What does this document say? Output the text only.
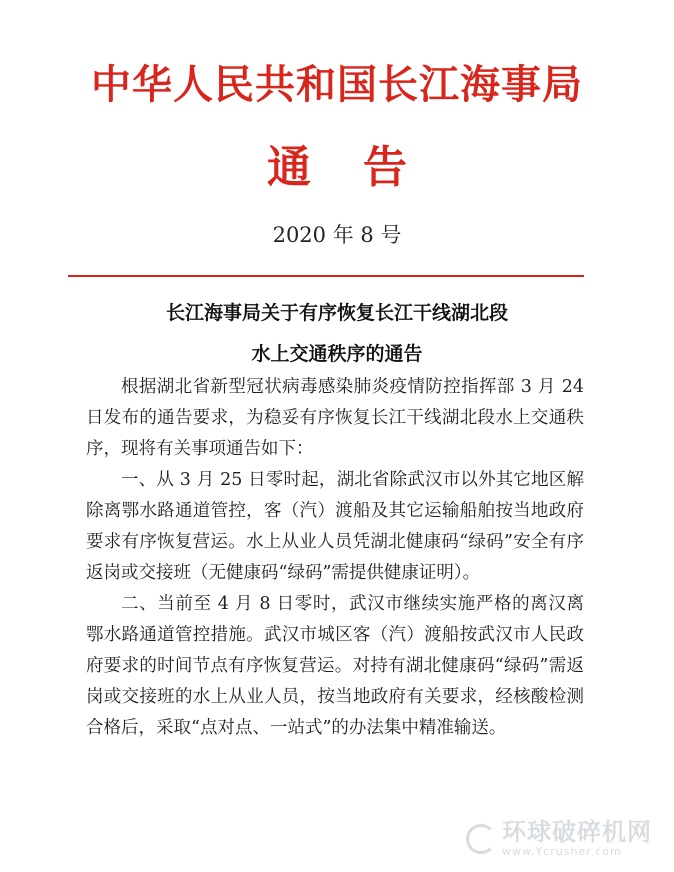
中华人民共和国长江海事局
通告
2020 年 8 号
长江海事局关于有序恢复长江干线湖北段
水上交通秩序的通告

根据湖北省新型冠状病毒感染肺炎疫情防控指挥部 3 月 24 日发布的通告要求，为稳妥有序恢复长江干线湖北段水上交通秩序，现将有关事项通告如下：

一、从 3 月 25 日零时起，湖北省除武汉市以外其它地区解除离鄂水路通道管控，客（汽）渡船及其它运输船舶按当地政府要求有序恢复营运。水上从业人员凭湖北健康码“绿码”安全有序返岗或交接班（无健康码“绿码”需提供健康证明）。

二、当前至 4 月 8 日零时，武汉市继续实施严格的离汉离鄂水路通道管控措施。武汉市城区客（汽）渡船按武汉市人民政府要求的时间节点有序恢复营运。对持有湖北健康码“绿码”需返岗或交接班的水上从业人员，按当地政府有关要求，经核酸检测合格后，采取“点对点、一站式”的办法集中精准输送。

环球破碎机网
www.Ycrusher.com
